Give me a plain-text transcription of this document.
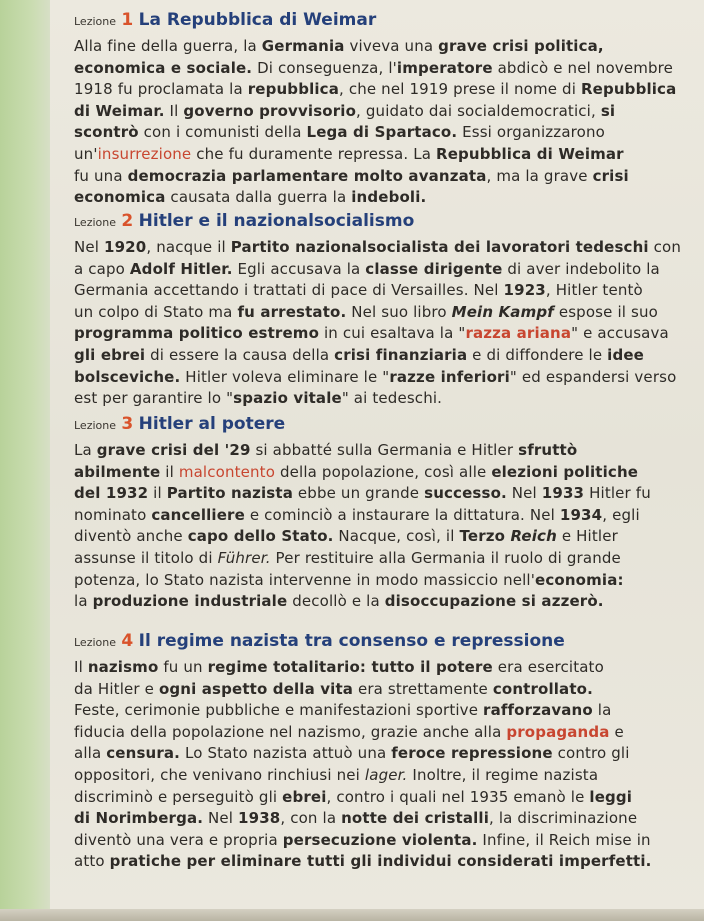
Lezione 1 La Repubblica di Weimar
Alla fine della guerra, la Germania viveva una grave crisi politica,
economica e sociale. Di conseguenza, l'imperatore abdicò e nel novembre
1918 fu proclamata la repubblica, che nel 1919 prese il nome di Repubblica
di Weimar. Il governo provvisorio, guidato dai socialdemocratici, si
scontrò con i comunisti della Lega di Spartaco. Essi organizzarono
un'insurrezione che fu duramente repressa. La Repubblica di Weimar
fu una democrazia parlamentare molto avanzata, ma la grave crisi
economica causata dalla guerra la indeboli.
Lezione 2 Hitler e il nazionalsocialismo
Nel 1920, nacque il Partito nazionalsocialista dei lavoratori tedeschi con
a capo Adolf Hitler. Egli accusava la classe dirigente di aver indebolito la
Germania accettando i trattati di pace di Versailles. Nel 1923, Hitler tentò
un colpo di Stato ma fu arrestato. Nel suo libro Mein Kampf espose il suo
programma politico estremo in cui esaltava la "razza ariana" e accusava
gli ebrei di essere la causa della crisi finanziaria e di diffondere le idee
bolsceviche. Hitler voleva eliminare le "razze inferiori" ed espandersi verso
est per garantire lo "spazio vitale" ai tedeschi.
Lezione 3 Hitler al potere
La grave crisi del '29 si abbatté sulla Germania e Hitler sfruttò
abilmente il malcontento della popolazione, così alle elezioni politiche
del 1932 il Partito nazista ebbe un grande successo. Nel 1933 Hitler fu
nominato cancelliere e cominciò a instaurare la dittatura. Nel 1934, egli
diventò anche capo dello Stato. Nacque, così, il Terzo Reich e Hitler
assunse il titolo di Führer. Per restituire alla Germania il ruolo di grande
potenza, lo Stato nazista intervenne in modo massiccio nell'economia:
la produzione industriale decollò e la disoccupazione si azzerò.
Lezione 4 Il regime nazista tra consenso e repressione
Il nazismo fu un regime totalitario: tutto il potere era esercitato
da Hitler e ogni aspetto della vita era strettamente controllato.
Feste, cerimonie pubbliche e manifestazioni sportive rafforzavano la
fiducia della popolazione nel nazismo, grazie anche alla propaganda e
alla censura. Lo Stato nazista attuò una feroce repressione contro gli
oppositori, che venivano rinchiusi nei lager. Inoltre, il regime nazista
discriminò e perseguitò gli ebrei, contro i quali nel 1935 emanò le leggi
di Norimberga. Nel 1938, con la notte dei cristalli, la discriminazione
diventò una vera e propria persecuzione violenta. Infine, il Reich mise in
atto pratiche per eliminare tutti gli individui considerati imperfetti.
